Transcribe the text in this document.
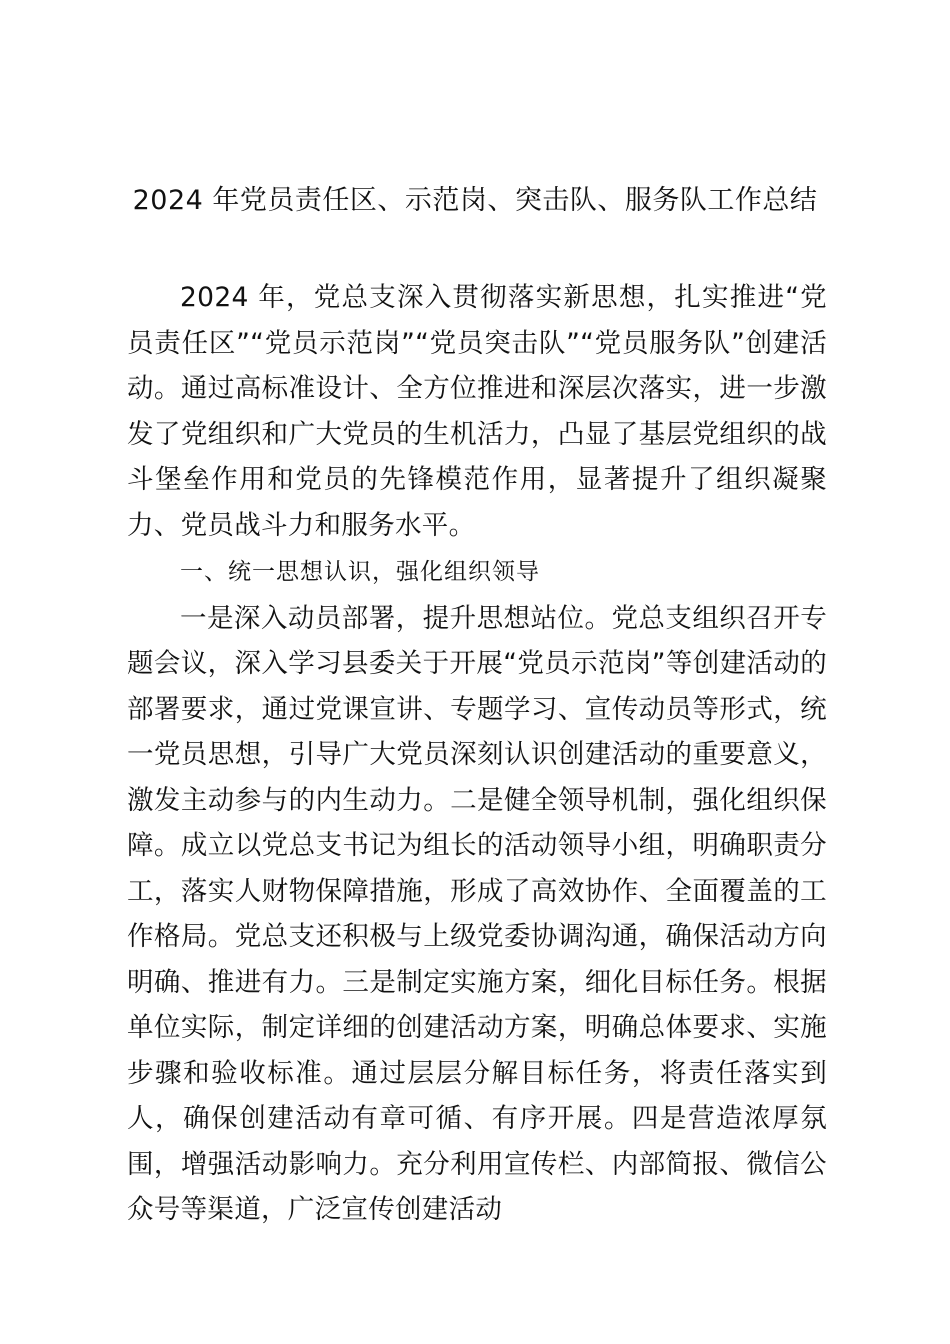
2024 年党员责任区、示范岗、突击队、服务队工作总结

2024 年，党总支深入贯彻落实新思想，扎实推进“党员责任区”“党员示范岗”“党员突击队”“党员服务队”创建活动。通过高标准设计、全方位推进和深层次落实，进一步激发了党组织和广大党员的生机活力，凸显了基层党组织的战斗堡垒作用和党员的先锋模范作用，显著提升了组织凝聚力、党员战斗力和服务水平。

一、统一思想认识，强化组织领导

一是深入动员部署，提升思想站位。党总支组织召开专题会议，深入学习县委关于开展“党员示范岗”等创建活动的部署要求，通过党课宣讲、专题学习、宣传动员等形式，统一党员思想，引导广大党员深刻认识创建活动的重要意义，激发主动参与的内生动力。二是健全领导机制，强化组织保障。成立以党总支书记为组长的活动领导小组，明确职责分工，落实人财物保障措施，形成了高效协作、全面覆盖的工作格局。党总支还积极与上级党委协调沟通，确保活动方向明确、推进有力。三是制定实施方案，细化目标任务。根据单位实际，制定详细的创建活动方案，明确总体要求、实施步骤和验收标准。通过层层分解目标任务，将责任落实到人，确保创建活动有章可循、有序开展。四是营造浓厚氛围，增强活动影响力。充分利用宣传栏、内部简报、微信公众号等渠道，广泛宣传创建活动
